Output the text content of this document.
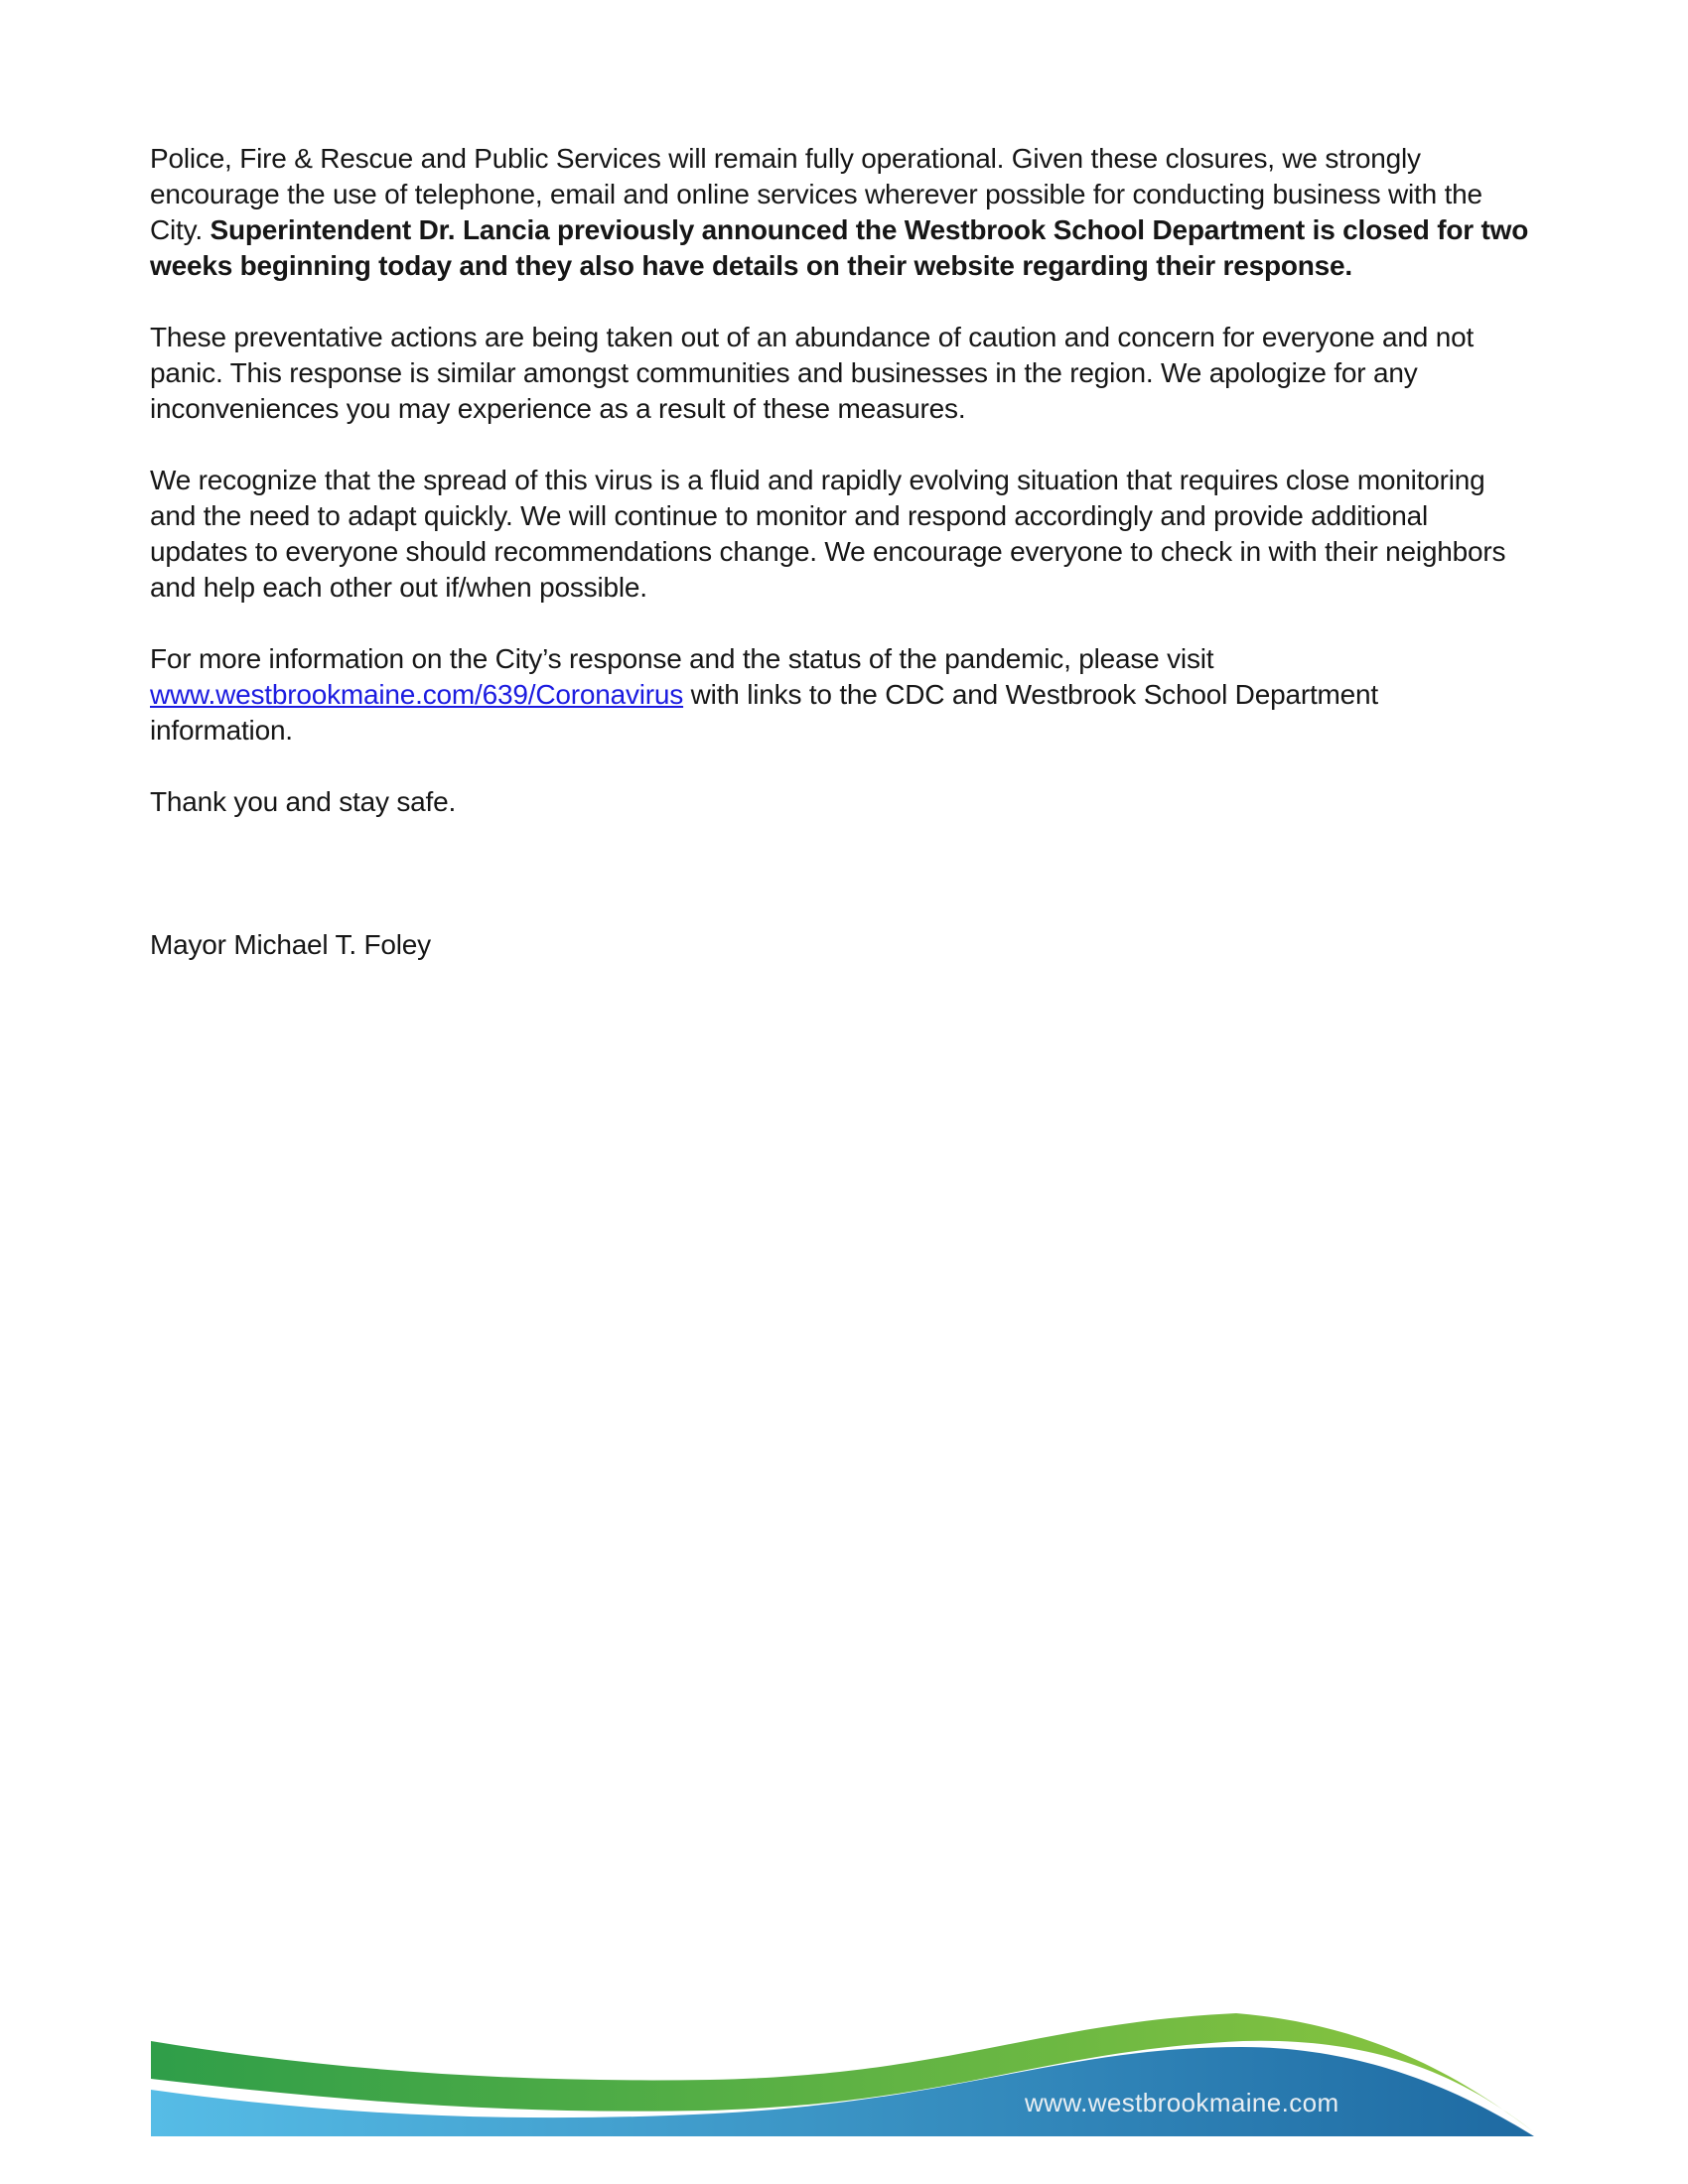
Police, Fire & Rescue and Public Services will remain fully operational. Given these closures, we strongly
encourage the use of telephone, email and online services wherever possible for conducting business with the
City. Superintendent Dr. Lancia previously announced the Westbrook School Department is closed for two
weeks beginning today and they also have details on their website regarding their response.
These preventative actions are being taken out of an abundance of caution and concern for everyone and not
panic. This response is similar amongst communities and businesses in the region. We apologize for any
inconveniences you may experience as a result of these measures.
We recognize that the spread of this virus is a fluid and rapidly evolving situation that requires close monitoring
and the need to adapt quickly. We will continue to monitor and respond accordingly and provide additional
updates to everyone should recommendations change. We encourage everyone to check in with their neighbors
and help each other out if/when possible.
For more information on the City’s response and the status of the pandemic, please visit
www.westbrookmaine.com/639/Coronavirus with links to the CDC and Westbrook School Department
information.
Thank you and stay safe.
Mayor Michael T. Foley
www.westbrookmaine.com
